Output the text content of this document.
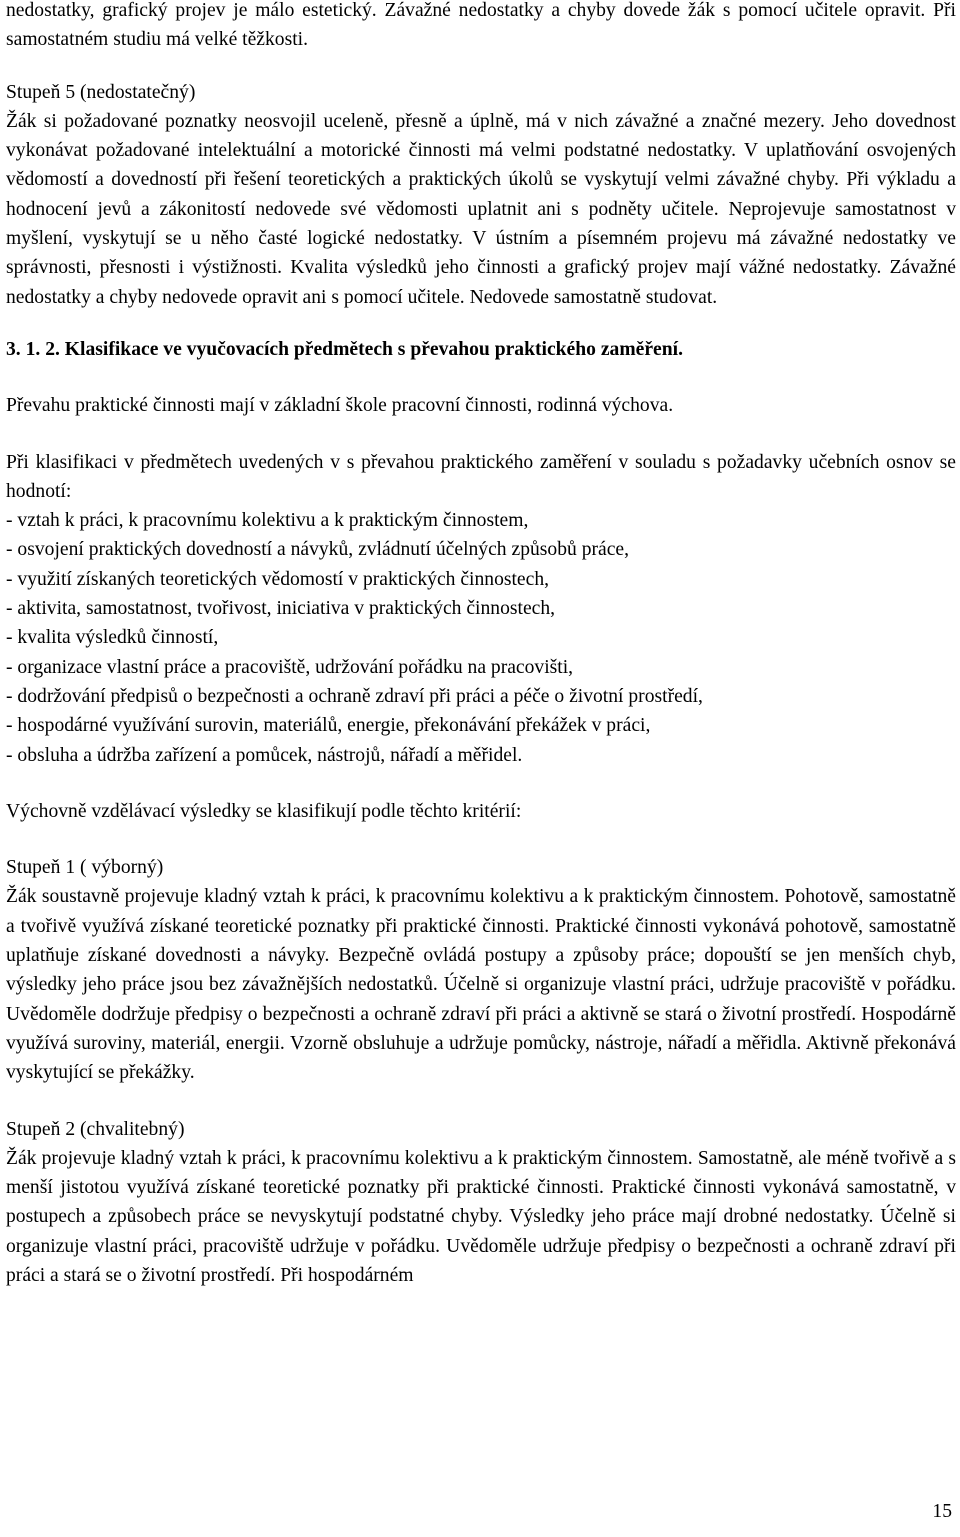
nedostatky, grafický projev je málo estetický. Závažné nedostatky a chyby dovede žák s pomocí učitele opravit. Při samostatném studiu má velké těžkosti.

Stupeň 5 (nedostatečný)

Žák si požadované poznatky neosvojil uceleně, přesně a úplně, má v nich závažné a značné mezery. Jeho dovednost vykonávat požadované intelektuální a motorické činnosti má velmi podstatné nedostatky. V uplatňování osvojených vědomostí a dovedností při řešení teoretických a praktických úkolů se vyskytují velmi závažné chyby. Při výkladu a hodnocení jevů a zákonitostí nedovede své vědomosti uplatnit ani s podněty učitele. Neprojevuje samostatnost v myšlení, vyskytují se u něho časté logické nedostatky. V ústním a písemném projevu má závažné nedostatky ve správnosti, přesnosti i výstižnosti. Kvalita výsledků jeho činnosti a grafický projev mají vážné nedostatky. Závažné nedostatky a chyby nedovede opravit ani s pomocí učitele. Nedovede samostatně studovat.

3. 1. 2. Klasifikace ve vyučovacích předmětech s převahou praktického zaměření.

Převahu praktické činnosti mají v základní škole pracovní činnosti, rodinná výchova.

Při klasifikaci v předmětech uvedených v s převahou praktického zaměření v souladu s požadavky učebních osnov se hodnotí:

- vztah k práci, k pracovnímu kolektivu a k praktickým činnostem,
- osvojení praktických dovedností a návyků, zvládnutí účelných způsobů práce,
- využití získaných teoretických vědomostí v praktických činnostech,
- aktivita, samostatnost, tvořivost, iniciativa v praktických činnostech,
- kvalita výsledků činností,
- organizace vlastní práce a pracoviště, udržování pořádku na pracovišti,
- dodržování předpisů o bezpečnosti a ochraně zdraví při práci a péče o životní prostředí,
- hospodárné využívání surovin, materiálů, energie, překonávání překážek v práci,
- obsluha a údržba zařízení a pomůcek, nástrojů, nářadí a měřidel.

Výchovně vzdělávací výsledky se klasifikují podle těchto kritérií:

Stupeň 1 ( výborný)

Žák soustavně projevuje kladný vztah k práci, k pracovnímu kolektivu a k praktickým činnostem. Pohotově, samostatně a tvořivě využívá získané teoretické poznatky při praktické činnosti. Praktické činnosti vykonává pohotově, samostatně uplatňuje získané dovednosti a návyky. Bezpečně ovládá postupy a způsoby práce; dopouští se jen menších chyb, výsledky jeho práce jsou bez závažnějších nedostatků. Účelně si organizuje vlastní práci, udržuje pracoviště v pořádku. Uvědoměle dodržuje předpisy o bezpečnosti a ochraně zdraví při práci a aktivně se stará o životní prostředí. Hospodárně využívá suroviny, materiál, energii. Vzorně obsluhuje a udržuje pomůcky, nástroje, nářadí a měřidla. Aktivně překonává vyskytující se překážky.

Stupeň 2 (chvalitebný)

Žák projevuje kladný vztah k práci, k pracovnímu kolektivu a k praktickým činnostem. Samostatně, ale méně tvořivě a s menší jistotou využívá získané teoretické poznatky při praktické činnosti. Praktické činnosti vykonává samostatně, v postupech a způsobech práce se nevyskytují podstatné chyby. Výsledky jeho práce mají drobné nedostatky. Účelně si organizuje vlastní práci, pracoviště udržuje v pořádku. Uvědoměle udržuje předpisy o bezpečnosti a ochraně zdraví při práci a stará se o životní prostředí. Při hospodárném

15
